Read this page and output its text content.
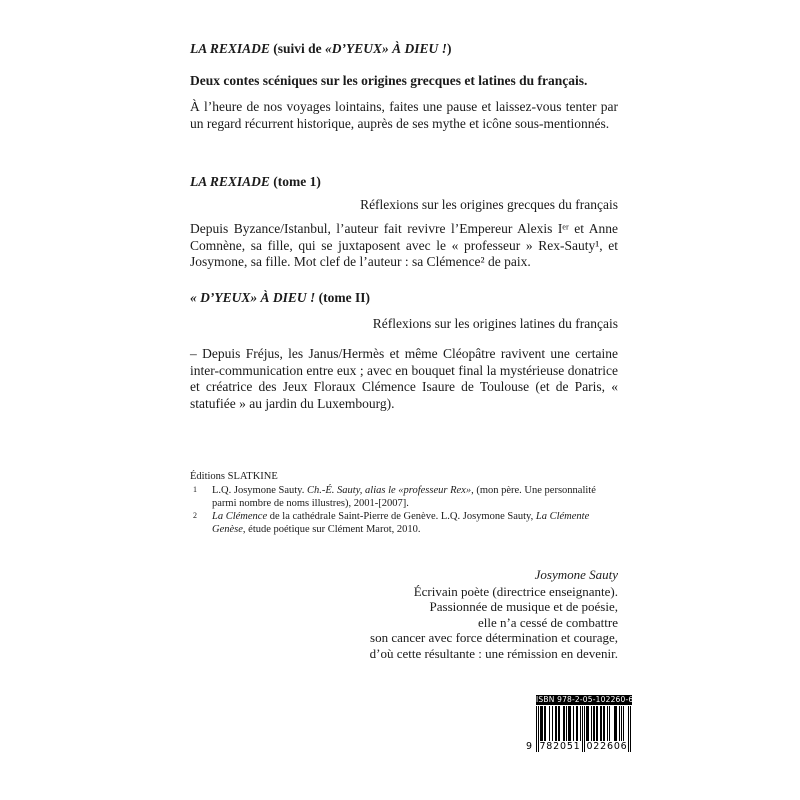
LA REXIADE (suivi de «D’YEUX» À DIEU !)
Deux contes scéniques sur les origines grecques et latines du français.
À l’heure de nos voyages lointains, faites une pause et laissez-vous tenter par un regard récurrent historique, auprès de ses mythe et icône sous-mentionnés.
LA REXIADE (tome 1)
Réflexions sur les origines grecques du français
Depuis Byzance/Istanbul, l’auteur fait revivre l’Empereur Alexis Iᵉʳ et Anne Comnène, sa fille, qui se juxtaposent avec le « professeur » Rex-Sauty¹, et Josymone, sa fille. Mot clef de l’auteur : sa Clémence² de paix.
« D’YEUX» À DIEU ! (tome II)
Réflexions sur les origines latines du français
– Depuis Fréjus, les Janus/Hermès et même Cléopâtre ravivent une certaine inter-communication entre eux ; avec en bouquet final la mystérieuse donatrice et créatrice des Jeux Floraux Clémence Isaure de Toulouse (et de Paris, « statufiée » au jardin du Luxembourg).
Éditions SLATKINE
1 L.Q. Josymone Sauty. Ch.-É. Sauty, alias le «professeur Rex», (mon père. Une personnalité parmi nombre de noms illustres), 2001-[2007].
2 La Clémence de la cathédrale Saint-Pierre de Genève. L.Q. Josymone Sauty, La Clémente Genèse, étude poétique sur Clément Marot, 2010.
Josymone Sauty
Écrivain poète (directrice enseignante).
Passionnée de musique et de poésie,
elle n’a cessé de combattre
son cancer avec force détermination et courage,
d’où cette résultante : une rémission en devenir.
ISBN 978-2-05-102260-6
9 782051 022606
